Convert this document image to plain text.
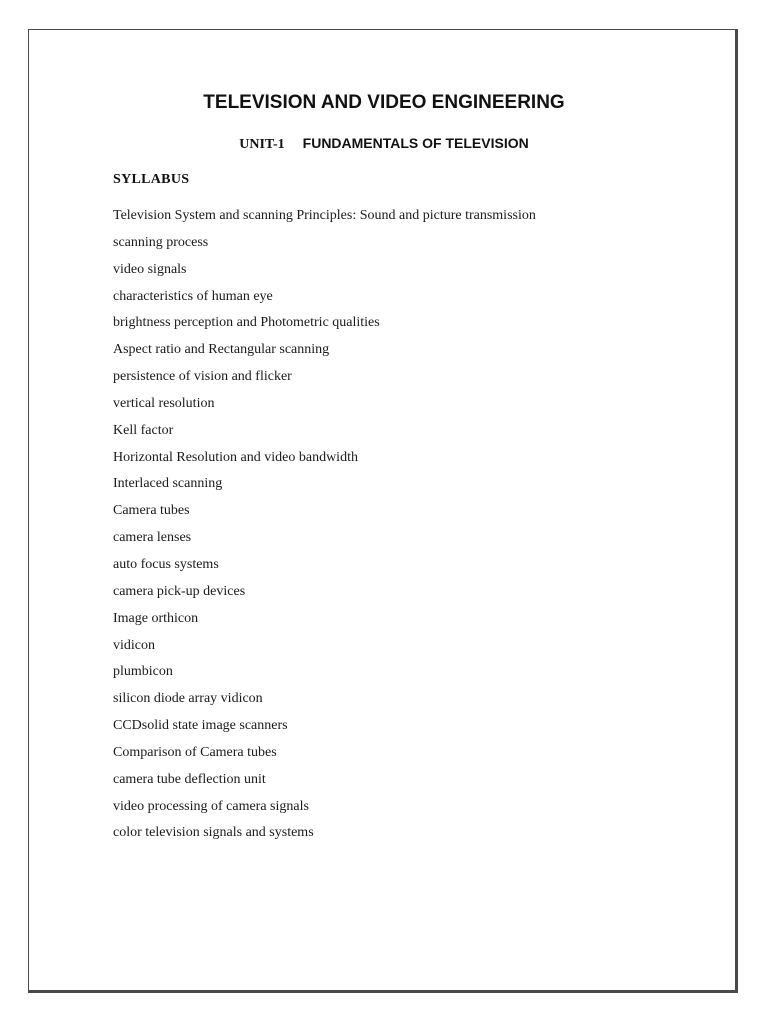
TELEVISION AND VIDEO ENGINEERING
UNIT-1 FUNDAMENTALS OF TELEVISION
SYLLABUS
Television System and scanning Principles: Sound and picture transmission
scanning process
video signals
characteristics of human eye
brightness perception and Photometric qualities
Aspect ratio and Rectangular scanning
persistence of vision and flicker
vertical resolution
Kell factor
Horizontal Resolution and video bandwidth
Interlaced scanning
Camera tubes
camera lenses
auto focus systems
camera pick-up devices
Image orthicon
vidicon
plumbicon
silicon diode array vidicon
CCDsolid state image scanners
Comparison of Camera tubes
camera tube deflection unit
video processing of camera signals
color television signals and systems
